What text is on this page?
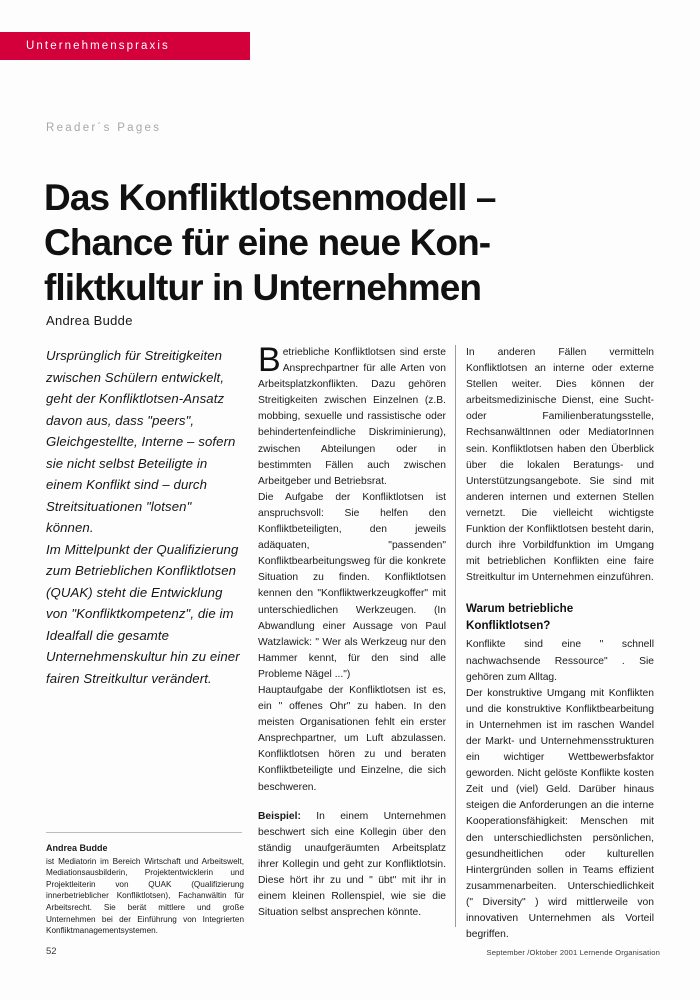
Unternehmenspraxis
Reader´s Pages
Das Konfliktlotsenmodell –
Chance für eine neue Kon-
fliktkultur in Unternehmen
Andrea Budde

Ursprünglich für Streitigkeiten zwischen Schülern entwickelt, geht der Konfliktlotsen-Ansatz davon aus, dass "peers", Gleichgestellte, Interne – sofern sie nicht selbst Beteiligte in einem Konflikt sind – durch Streitsituationen "lotsen" können.

Im Mittelpunkt der Qualifizierung zum Betrieblichen Konfliktlotsen (QUAK) steht die Entwicklung von "Konfliktkompetenz", die im Idealfall die gesamte Unternehmenskultur hin zu einer fairen Streitkultur verändert.

Andrea Budde
ist Mediatorin im Bereich Wirtschaft und Arbeitswelt, Mediationsausbilderin, Projektentwicklerin und Projektleiterin von QUAK (Qualifizierung innerbetrieblicher Konfliktlotsen), Fachanwältin für Arbeitsrecht. Sie berät mittlere und große Unternehmen bei der Einführung von Integrierten Konfliktmanagementsystemen.

Betriebliche Konfliktlotsen sind erste Ansprechpartner für alle Arten von Arbeitsplatzkonflikten. Dazu gehören Streitigkeiten zwischen Einzelnen (z.B. mobbing, sexuelle und rassistische oder behindertenfeindliche Diskriminierung), zwischen Abteilungen oder in bestimmten Fällen auch zwischen Arbeitgeber und Betriebsrat.

Die Aufgabe der Konfliktlotsen ist anspruchsvoll: Sie helfen den Konfliktbeteiligten, den jeweils adäquaten, "passenden" Konfliktbearbeitungsweg für die konkrete Situation zu finden. Konfliktlotsen kennen den "Konfliktwerkzeugkoffer" mit unterschiedlichen Werkzeugen. (In Abwandlung einer Aussage von Paul Watzlawick: " Wer als Werkzeug nur den Hammer kennt, für den sind alle Probleme Nägel ...")

Hauptaufgabe der Konfliktlotsen ist es, ein " offenes Ohr" zu haben. In den meisten Organisationen fehlt ein erster Ansprechpartner, um Luft abzulassen. Konfliktlotsen hören zu und beraten Konfliktbeteiligte und Einzelne, die sich beschweren.

Beispiel: In einem Unternehmen beschwert sich eine Kollegin über den ständig unaufgeräumten Arbeitsplatz ihrer Kollegin und geht zur Konfliktlotsin. Diese hört ihr zu und " übt" mit ihr in einem kleinen Rollenspiel, wie sie die Situation selbst ansprechen könnte.

In anderen Fällen vermitteln Konfliktlotsen an interne oder externe Stellen weiter. Dies können der arbeitsmedizinische Dienst, eine Sucht- oder Familienberatungsstelle, RechsanwältInnen oder MediatorInnen sein. Konfliktlotsen haben den Überblick über die lokalen Beratungs- und Unterstützungsangebote. Sie sind mit anderen internen und externen Stellen vernetzt. Die vielleicht wichtigste Funktion der Konfliktlotsen besteht darin, durch ihre Vorbildfunktion im Umgang mit betrieblichen Konflikten eine faire Streitkultur im Unternehmen einzuführen.

Warum betriebliche Konfliktlotsen?

Konflikte sind eine " schnell nachwachsende Ressource" . Sie gehören zum Alltag.

Der konstruktive Umgang mit Konflikten und die konstruktive Konfliktbearbeitung in Unternehmen ist im raschen Wandel der Markt- und Unternehmensstrukturen ein wichtiger Wettbewerbsfaktor geworden. Nicht gelöste Konflikte kosten Zeit und (viel) Geld. Darüber hinaus steigen die Anforderungen an die interne Kooperationsfähigkeit: Menschen mit den unterschiedlichsten persönlichen, gesundheitlichen oder kulturellen Hintergründen sollen in Teams effizient zusammenarbeiten. Unterschiedlichkeit (" Diversity" ) wird mittlerweile von innovativen Unternehmen als Vorteil begriffen.

52	September /Oktober 2001 Lernende Organisation
